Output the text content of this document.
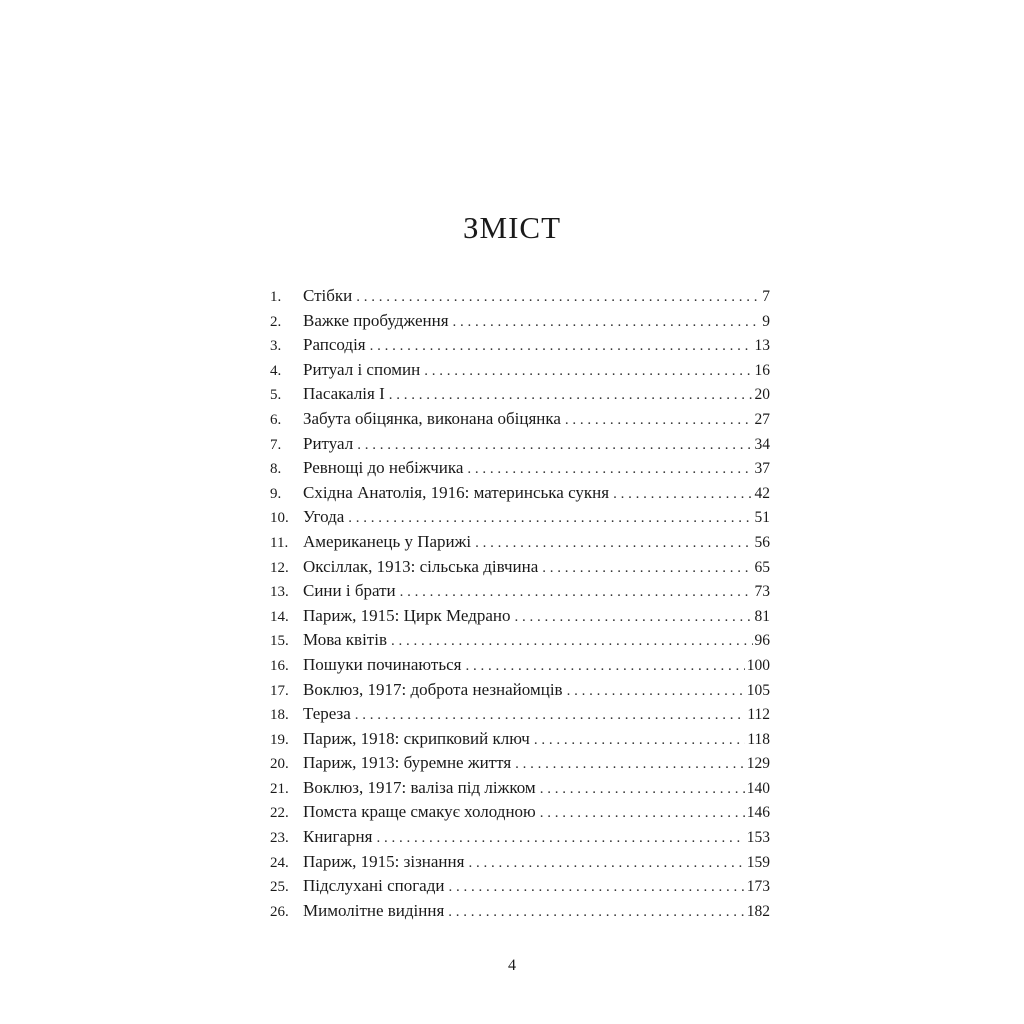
ЗМІСТ
1.	Стібки . . .	7
2.	Важке пробудження . . .	9
3.	Рапсодія . . .	13
4.	Ритуал і спомин . . .	16
5.	Пасакалія I . . .	20
6.	Забута обіцянка, виконана обіцянка . . .	27
7.	Ритуал . . .	34
8.	Ревнощі до небіжчика . . .	37
9.	Східна Анатолія, 1916: материнська сукня . . .	42
10. Угода . . .	51
11. Американець у Парижі . . .	56
12. Оксіллак, 1913: сільська дівчина . . .	65
13. Сини і брати . . .	73
14. Париж, 1915: Цирк Медрано . . .	81
15. Мова квітів . . .	96
16. Пошуки починаються . . .	100
17. Воклюз, 1917: доброта незнайомців . . .	105
18. Тереза . . .	112
19. Париж, 1918: скрипковий ключ . . .	118
20. Париж, 1913: буремне життя . . .	129
21. Воклюз, 1917: валіза під ліжком . . .	140
22. Помста краще смакує холодною . . .	146
23. Книгарня . . .	153
24. Париж, 1915: зізнання . . .	159
25. Підслухані спогади . . .	173
26. Мимолітне видіння . . .	182
4
